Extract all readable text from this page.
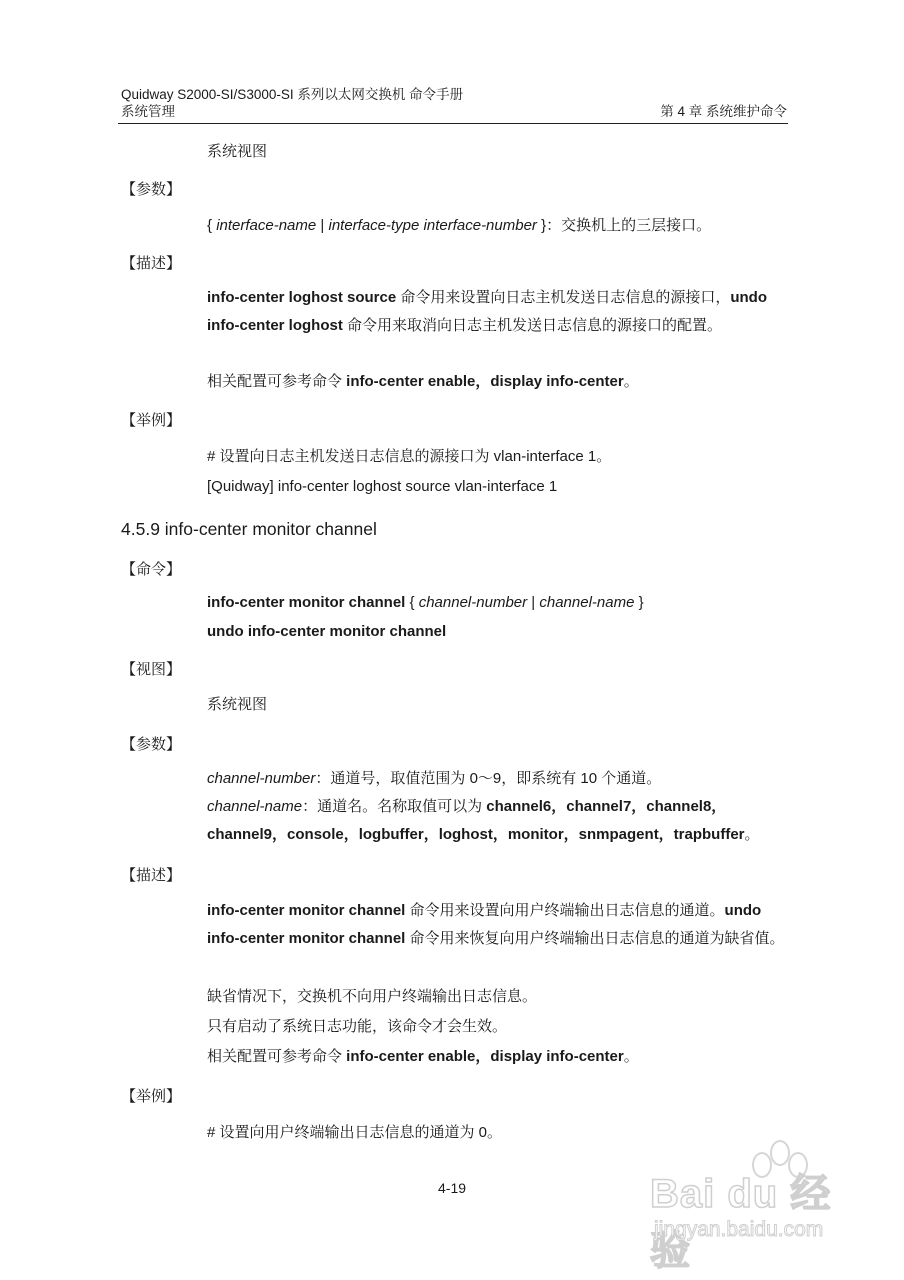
Quidway S2000-SI/S3000-SI 系列以太网交换机 命令手册
系统管理	第 4 章 系统维护命令
系统视图
【参数】
{ interface-name | interface-type interface-number }：交换机上的三层接口。
【描述】
info-center loghost source 命令用来设置向日志主机发送日志信息的源接口，undo info-center loghost 命令用来取消向日志主机发送日志信息的源接口的配置。
相关配置可参考命令 info-center enable，display info-center。
【举例】
# 设置向日志主机发送日志信息的源接口为 vlan-interface 1。
[Quidway] info-center loghost source vlan-interface 1
4.5.9 info-center monitor channel
【命令】
info-center monitor channel { channel-number | channel-name }
undo info-center monitor channel
【视图】
系统视图
【参数】
channel-number：通道号，取值范围为 0～9，即系统有 10 个通道。
channel-name：通道名。名称取值可以为 channel6，channel7，channel8，channel9，console，logbuffer，loghost，monitor，snmpagent，trapbuffer。
【描述】
info-center monitor channel 命令用来设置向用户终端输出日志信息的通道。undo info-center monitor channel 命令用来恢复向用户终端输出日志信息的通道为缺省值。
缺省情况下，交换机不向用户终端输出日志信息。
只有启动了系统日志功能，该命令才会生效。
相关配置可参考命令 info-center enable，display info-center。
【举例】
# 设置向用户终端输出日志信息的通道为 0。
4-19	Bai du 经验
jingyan.baidu.com
